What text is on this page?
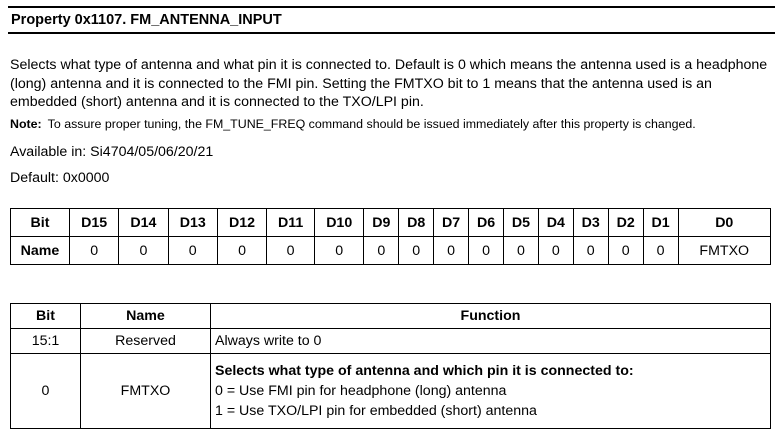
Property 0x1107. FM_ANTENNA_INPUT
Selects what type of antenna and what pin it is connected to. Default is 0 which means the antenna used is a headphone (long) antenna and it is connected to the FMI pin. Setting the FMTXO bit to 1 means that the antenna used is an embedded (short) antenna and it is connected to the TXO/LPI pin.
Note: To assure proper tuning, the FM_TUNE_FREQ command should be issued immediately after this property is changed.
Available in: Si4704/05/06/20/21
Default: 0x0000
Bit	D15	D14	D13	D12	D11	D10	D9	D8	D7	D6	D5	D4	D3	D2	D1	D0
Name	0	0	0	0	0	0	0	0	0	0	0	0	0	0	0	FMTXO
Bit	Name	Function
15:1	Reserved	Always write to 0
0	FMTXO	Selects what type of antenna and which pin it is connected to:
0 = Use FMI pin for headphone (long) antenna
1 = Use TXO/LPI pin for embedded (short) antenna
